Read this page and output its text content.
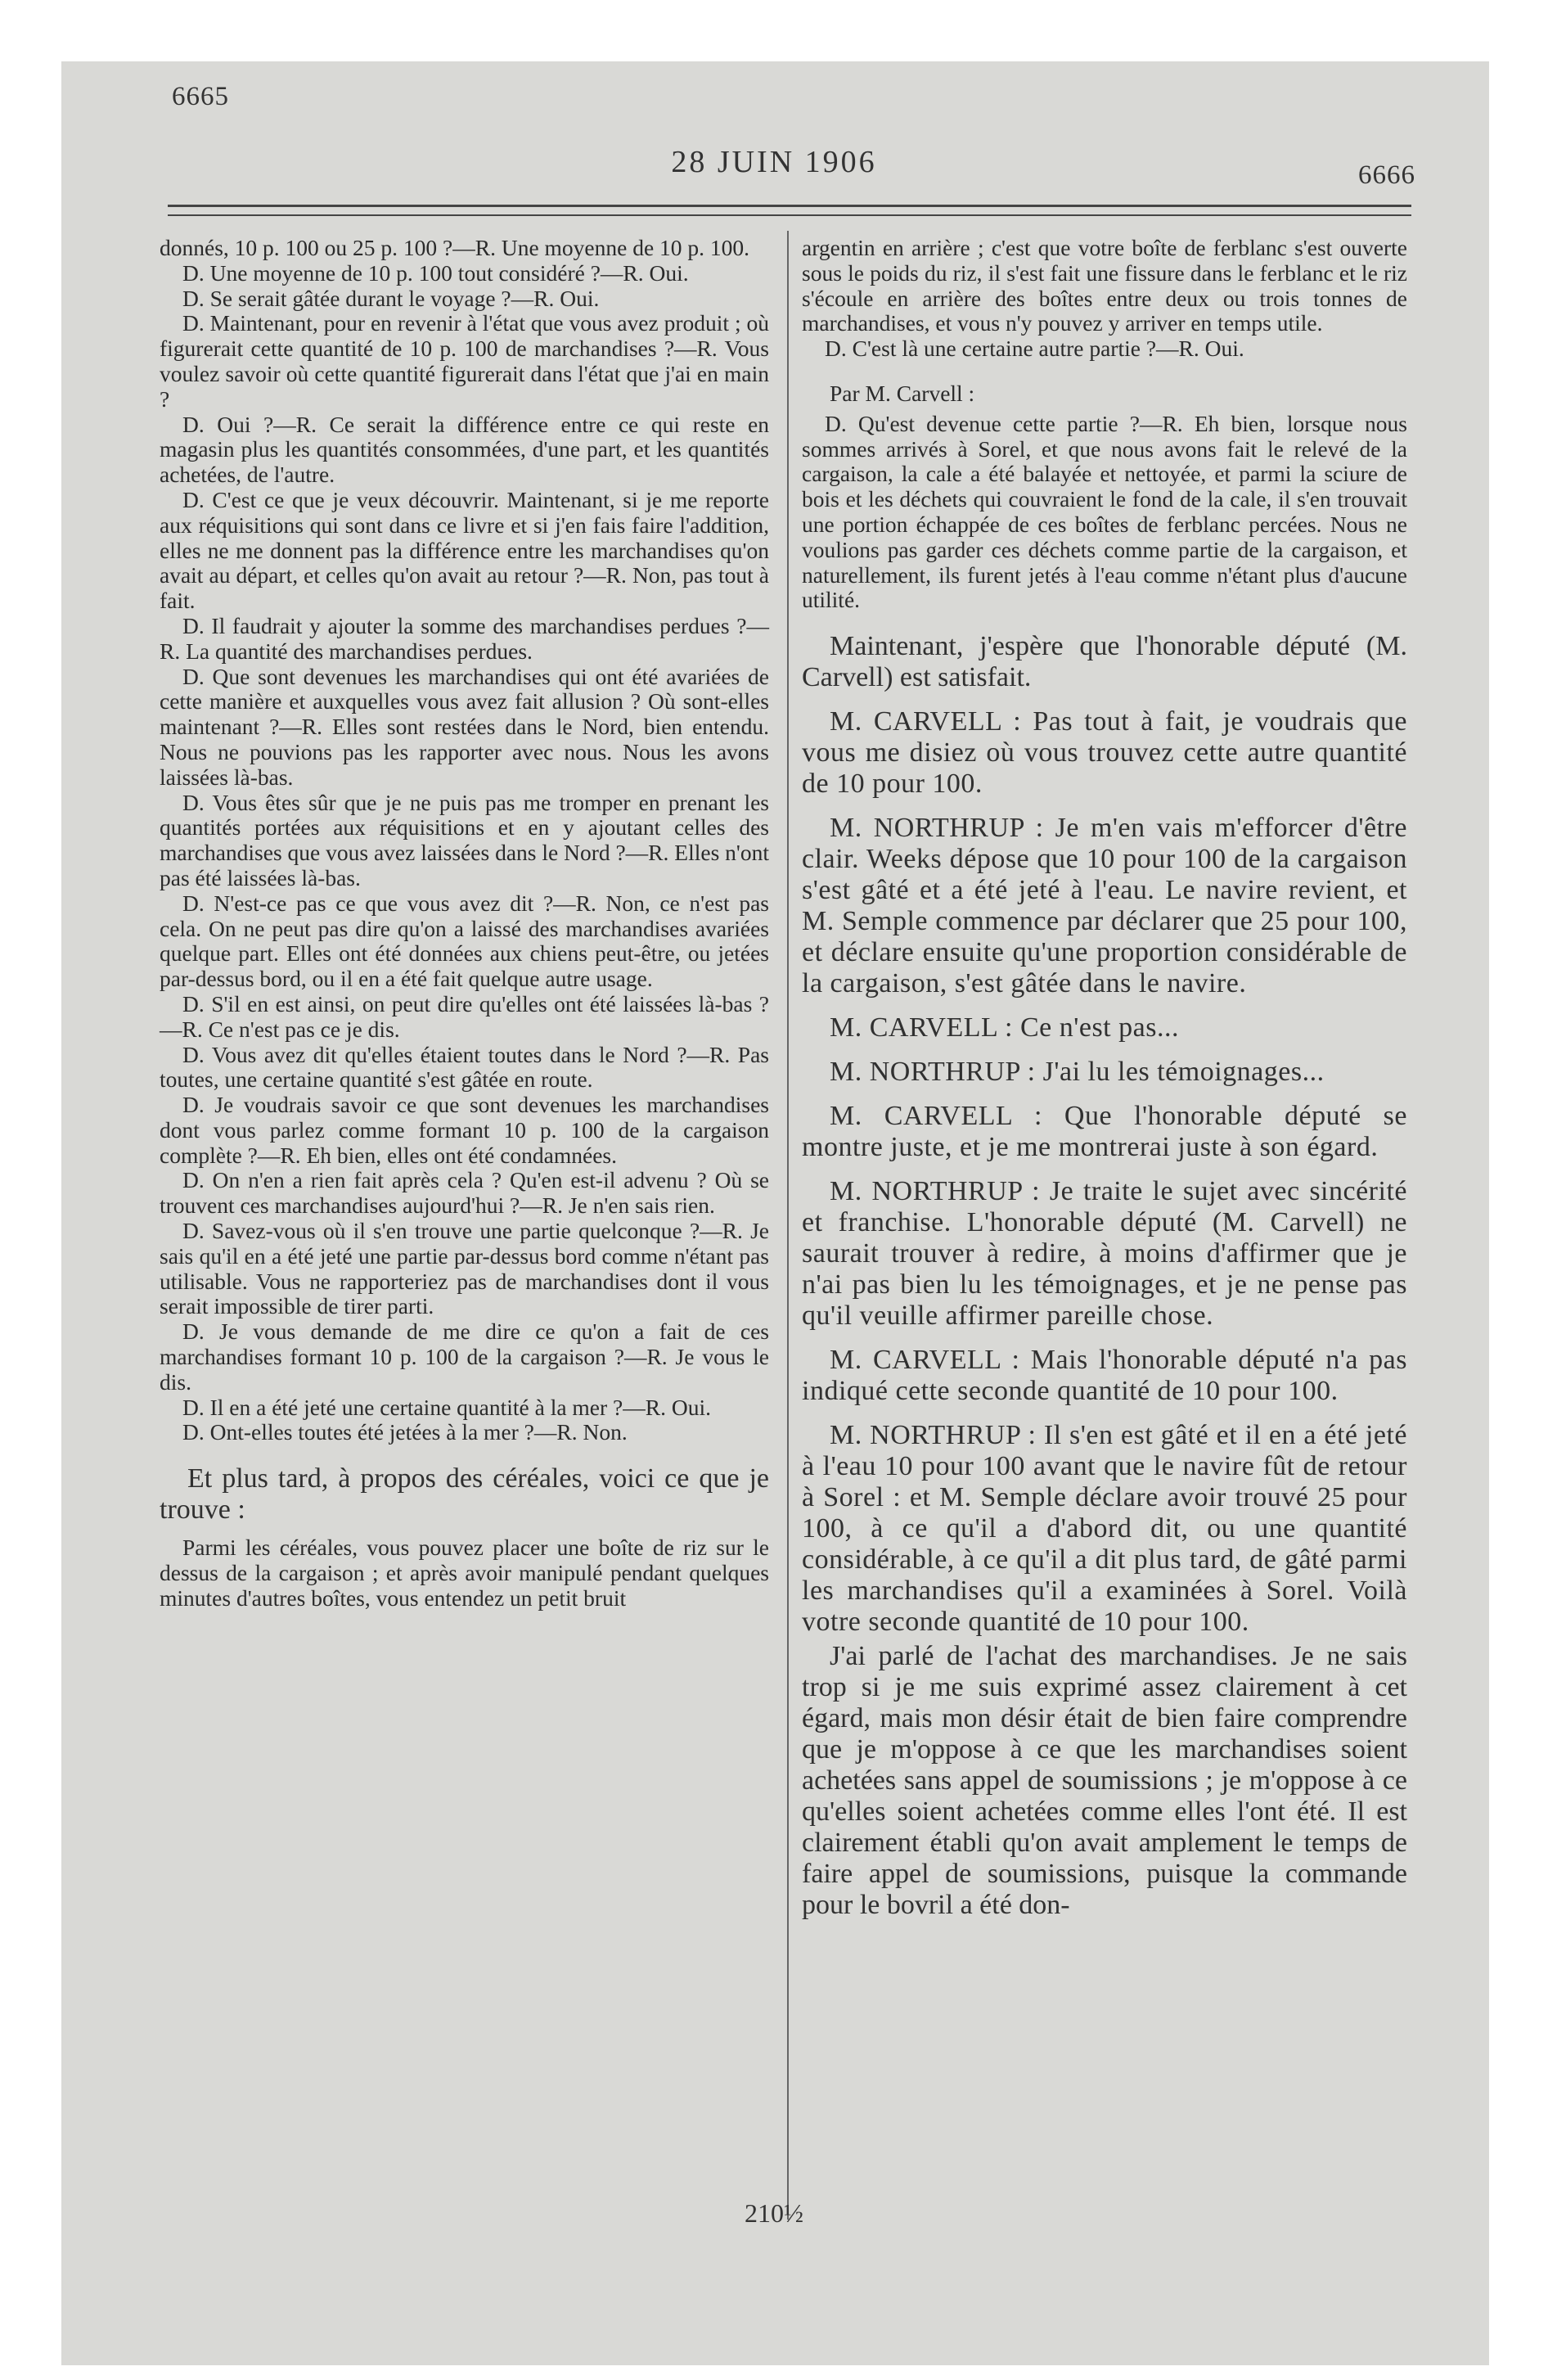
6665
28 JUIN 1906	6666

donnés, 10 p. 100 ou 25 p. 100 ?—R. Une moyenne de 10 p. 100.

D. Une moyenne de 10 p. 100 tout considéré ?—R. Oui.

D. Se serait gâtée durant le voyage ?—R. Oui.

D. Maintenant, pour en revenir à l'état que vous avez produit ; où figurerait cette quantité de 10 p. 100 de marchandises ?—R. Vous voulez savoir où cette quantité figurerait dans l'état que j'ai en main ?

D. Oui ?—R. Ce serait la différence entre ce qui reste en magasin plus les quantités consommées, d'une part, et les quantités achetées, de l'autre.

D. C'est ce que je veux découvrir. Maintenant, si je me reporte aux réquisitions qui sont dans ce livre et si j'en fais faire l'addition, elles ne me donnent pas la différence entre les marchandises qu'on avait au départ, et celles qu'on avait au retour ?—R. Non, pas tout à fait.

D. Il faudrait y ajouter la somme des marchandises perdues ?—R. La quantité des marchandises perdues.

D. Que sont devenues les marchandises qui ont été avariées de cette manière et auxquelles vous avez fait allusion ? Où sont-elles maintenant ?—R. Elles sont restées dans le Nord, bien entendu. Nous ne pouvions pas les rapporter avec nous. Nous les avons laissées là-bas.

D. Vous êtes sûr que je ne puis pas me tromper en prenant les quantités portées aux réquisitions et en y ajoutant celles des marchandises que vous avez laissées dans le Nord ?—R. Elles n'ont pas été laissées là-bas.

D. N'est-ce pas ce que vous avez dit ?—R. Non, ce n'est pas cela. On ne peut pas dire qu'on a laissé des marchandises avariées quelque part. Elles ont été données aux chiens peut-être, ou jetées par-dessus bord, ou il en a été fait quelque autre usage.

D. S'il en est ainsi, on peut dire qu'elles ont été laissées là-bas ?—R. Ce n'est pas ce je dis.

D. Vous avez dit qu'elles étaient toutes dans le Nord ?—R. Pas toutes, une certaine quantité s'est gâtée en route.

D. Je voudrais savoir ce que sont devenues les marchandises dont vous parlez comme formant 10 p. 100 de la cargaison complète ?—R. Eh bien, elles ont été condamnées.

D. On n'en a rien fait après cela ? Qu'en est-il advenu ? Où se trouvent ces marchandises aujourd'hui ?—R. Je n'en sais rien.

D. Savez-vous où il s'en trouve une partie quelconque ?—R. Je sais qu'il en a été jeté une partie par-dessus bord comme n'étant pas utilisable. Vous ne rapporteriez pas de marchandises dont il vous serait impossible de tirer parti.

D. Je vous demande de me dire ce qu'on a fait de ces marchandises formant 10 p. 100 de la cargaison ?—R. Je vous le dis.

D. Il en a été jeté une certaine quantité à la mer ?—R. Oui.

D. Ont-elles toutes été jetées à la mer ?—R. Non.

Et plus tard, à propos des céréales, voici ce que je trouve :

Parmi les céréales, vous pouvez placer une boîte de riz sur le dessus de la cargaison ; et après avoir manipulé pendant quelques minutes d'autres boîtes, vous entendez un petit bruit

argentin en arrière ; c'est que votre boîte de ferblanc s'est ouverte sous le poids du riz, il s'est fait une fissure dans le ferblanc et le riz s'écoule en arrière des boîtes entre deux ou trois tonnes de marchandises, et vous n'y pouvez y arriver en temps utile.

D. C'est là une certaine autre partie ?—R. Oui.

Par M. Carvell :

D. Qu'est devenue cette partie ?—R. Eh bien, lorsque nous sommes arrivés à Sorel, et que nous avons fait le relevé de la cargaison, la cale a été balayée et nettoyée, et parmi la sciure de bois et les déchets qui couvraient le fond de la cale, il s'en trouvait une portion échappée de ces boîtes de ferblanc percées. Nous ne voulions pas garder ces déchets comme partie de la cargaison, et naturellement, ils furent jetés à l'eau comme n'étant plus d'aucune utilité.

Maintenant, j'espère que l'honorable député (M. Carvell) est satisfait.

M. CARVELL : Pas tout à fait, je voudrais que vous me disiez où vous trouvez cette autre quantité de 10 pour 100.

M. NORTHRUP : Je m'en vais m'efforcer d'être clair. Weeks dépose que 10 pour 100 de la cargaison s'est gâté et a été jeté à l'eau. Le navire revient, et M. Semple commence par déclarer que 25 pour 100, et déclare ensuite qu'une proportion considérable de la cargaison, s'est gâtée dans le navire.

M. CARVELL : Ce n'est pas...

M. NORTHRUP : J'ai lu les témoignages...

M. CARVELL : Que l'honorable député se montre juste, et je me montrerai juste à son égard.

M. NORTHRUP : Je traite le sujet avec sincérité et franchise. L'honorable député (M. Carvell) ne saurait trouver à redire, à moins d'affirmer que je n'ai pas bien lu les témoignages, et je ne pense pas qu'il veuille affirmer pareille chose.

M. CARVELL : Mais l'honorable député n'a pas indiqué cette seconde quantité de 10 pour 100.

M. NORTHRUP : Il s'en est gâté et il en a été jeté à l'eau 10 pour 100 avant que le navire fût de retour à Sorel : et M. Semple déclare avoir trouvé 25 pour 100, à ce qu'il a d'abord dit, ou une quantité considérable, à ce qu'il a dit plus tard, de gâté parmi les marchandises qu'il a examinées à Sorel. Voilà votre seconde quantité de 10 pour 100.

J'ai parlé de l'achat des marchandises. Je ne sais trop si je me suis exprimé assez clairement à cet égard, mais mon désir était de bien faire comprendre que je m'oppose à ce que les marchandises soient achetées sans appel de soumissions ; je m'oppose à ce qu'elles soient achetées comme elles l'ont été. Il est clairement établi qu'on avait amplement le temps de faire appel de soumissions, puisque la commande pour le bovril a été don-

210½
